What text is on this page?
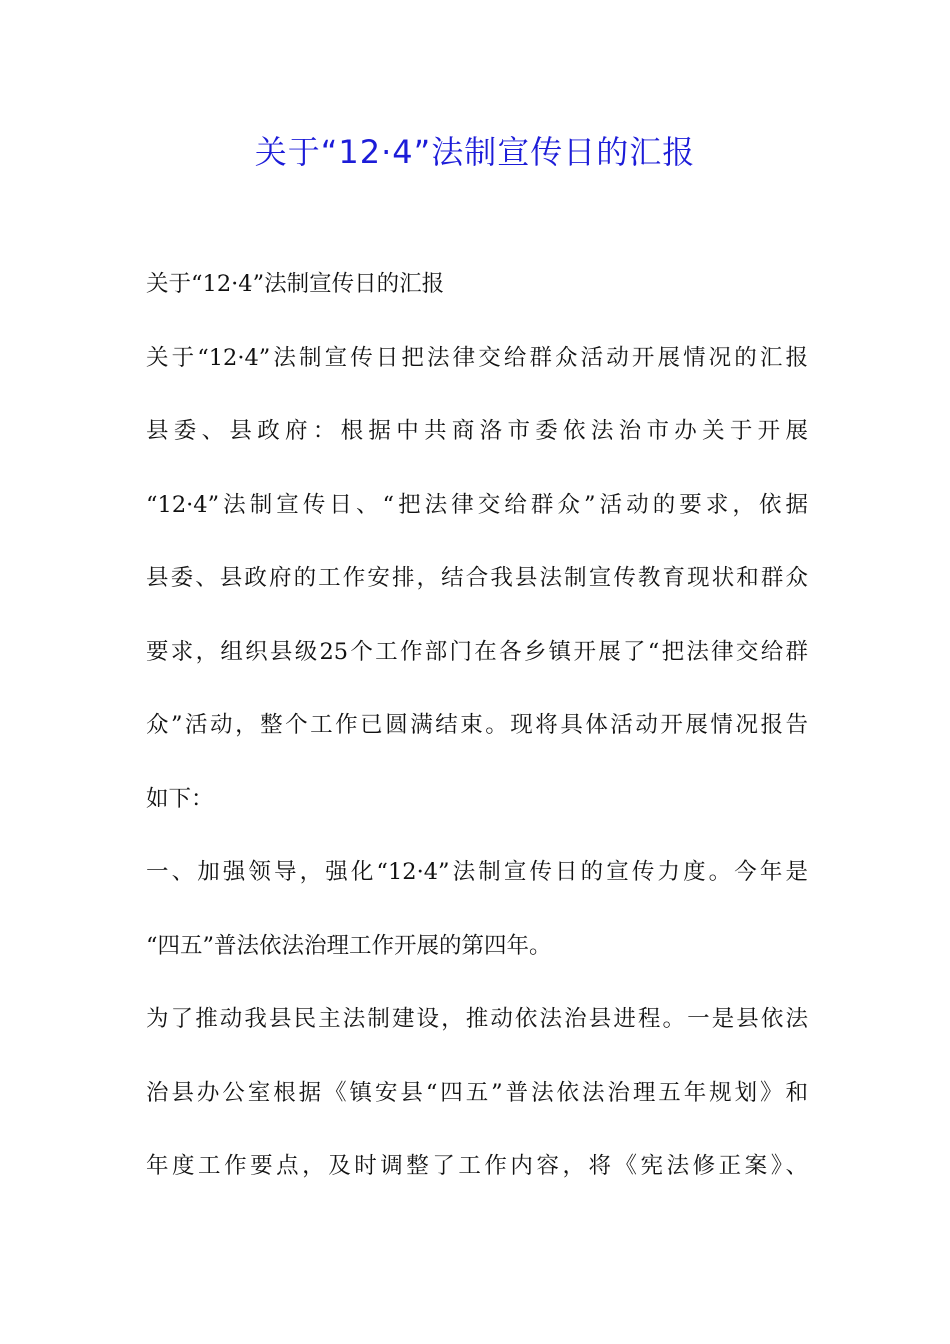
关于“12·4”法制宣传日的汇报
关于“12·4”法制宣传日的汇报
关于“12·4”法制宣传日把法律交给群众活动开展情况的汇报
县委、县政府：根据中共商洛市委依法治市办关于开展
“12·4”法制宣传日、“把法律交给群众”活动的要求，依据
县委、县政府的工作安排，结合我县法制宣传教育现状和群众
要求，组织县级25个工作部门在各乡镇开展了“把法律交给群
众”活动，整个工作已圆满结束。现将具体活动开展情况报告
如下：
一、加强领导，强化“12·4”法制宣传日的宣传力度。今年是
“四五”普法依法治理工作开展的第四年。
为了推动我县民主法制建设，推动依法治县进程。一是县依法
治县办公室根据《镇安县“四五”普法依法治理五年规划》和
年度工作要点，及时调整了工作内容，将《宪法修正案》、
